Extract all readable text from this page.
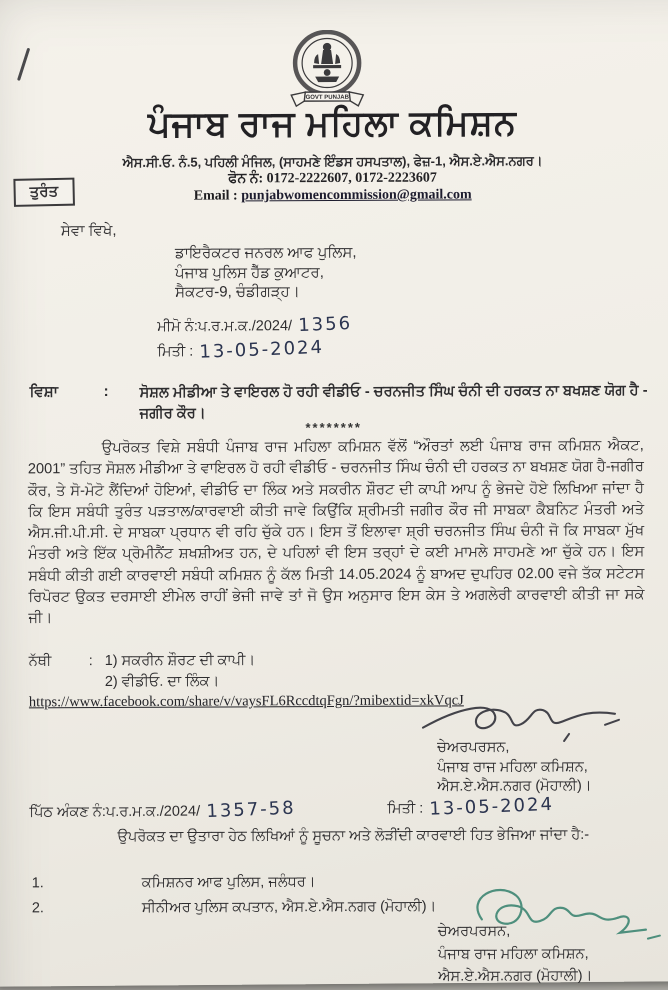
GOVT PUNJAB
ਪੰਜਾਬ ਰਾਜ ਮਹਿਲਾ ਕਮਿਸ਼ਨ
ਐਸ.ਸੀ.ਓ. ਨੰ.5, ਪਹਿਲੀ ਮੰਜਿਲ, (ਸਾਹਮਣੇ ਇੰਡਸ ਹਸਪਤਾਲ), ਫੇਜ਼-1, ਐਸ.ਏ.ਐਸ.ਨਗਰ।
ਫੋਨ ਨੰ: 0172-2222607, 0172-2223607
Email : punjabwomencommission@gmail.com
ਤੁਰੰਤ
ਸੇਵਾ ਵਿਖੇ,
ਡਾਇਰੈਕਟਰ ਜਨਰਲ ਆਫ ਪੁਲਿਸ,
ਪੰਜਾਬ ਪੁਲਿਸ ਹੈੱਡ ਕੁਆਟਰ,
ਸੈਕਟਰ-9, ਚੰਡੀਗੜ੍ਹ।
ਮੀਮੋ ਨੰ:ਪ.ਰ.ਮ.ਕ./2024/ 1356
ਮਿਤੀ : 13-05-2024
ਵਿਸ਼ਾ	: ਸੋਸ਼ਲ ਮੀਡੀਆ ਤੇ ਵਾਇਰਲ ਹੋ ਰਹੀ ਵੀਡੀਓ - ਚਰਨਜੀਤ ਸਿੰਘ ਚੰਨੀ ਦੀ ਹਰਕਤ ਨਾ ਬਖਸ਼ਣ ਯੋਗ ਹੈ - ਜਗੀਰ ਕੌਰ।
********
ਉਪਰੋਕਤ ਵਿਸ਼ੇ ਸਬੰਧੀ ਪੰਜਾਬ ਰਾਜ ਮਹਿਲਾ ਕਮਿਸ਼ਨ ਵੱਲੋਂ “ਔਰਤਾਂ ਲਈ ਪੰਜਾਬ ਰਾਜ ਕਮਿਸ਼ਨ ਐਕਟ, 2001” ਤਹਿਤ ਸੋਸ਼ਲ ਮੀਡੀਆ ਤੇ ਵਾਇਰਲ ਹੋ ਰਹੀ ਵੀਡੀਓ - ਚਰਨਜੀਤ ਸਿੰਘ ਚੰਨੀ ਦੀ ਹਰਕਤ ਨਾ ਬਖਸ਼ਣ ਯੋਗ ਹੈ-ਜਗੀਰ ਕੌਰ, ਤੇ ਸੋ-ਮੋਟੋ ਲੈਂਦਿਆਂ ਹੋਇਆਂ, ਵੀਡੀਓ ਦਾ ਲਿੰਕ ਅਤੇ ਸਕਰੀਨ ਸ਼ੌਰਟ ਦੀ ਕਾਪੀ ਆਪ ਨੂੰ ਭੇਜਦੇ ਹੋਏ ਲਿਖਿਆ ਜਾਂਦਾ ਹੈ ਕਿ ਇਸ ਸਬੰਧੀ ਤੁਰੰਤ ਪੜਤਾਲ/ਕਾਰਵਾਈ ਕੀਤੀ ਜਾਵੇ ਕਿਉਂਕਿ ਸ਼੍ਰੀਮਤੀ ਜਗੀਰ ਕੌਰ ਜੀ ਸਾਬਕਾ ਕੈਬਨਿਟ ਮੰਤਰੀ ਅਤੇ ਐਸ.ਜੀ.ਪੀ.ਸੀ. ਦੇ ਸਾਬਕਾ ਪ੍ਰਧਾਨ ਵੀ ਰਹਿ ਚੁੱਕੇ ਹਨ। ਇਸ ਤੋਂ ਇਲਾਵਾ ਸ਼੍ਰੀ ਚਰਨਜੀਤ ਸਿੰਘ ਚੰਨੀ ਜੋ ਕਿ ਸਾਬਕਾ ਮੁੱਖ ਮੰਤਰੀ ਅਤੇ ਇੱਕ ਪ੍ਰੋਮੀਨੈਂਟ ਸ਼ਖਸ਼ੀਅਤ ਹਨ, ਦੇ ਪਹਿਲਾਂ ਵੀ ਇਸ ਤਰ੍ਹਾਂ ਦੇ ਕਈ ਮਾਮਲੇ ਸਾਹਮਣੇ ਆ ਚੁੱਕੇ ਹਨ। ਇਸ ਸਬੰਧੀ ਕੀਤੀ ਗਈ ਕਾਰਵਾਈ ਸਬੰਧੀ ਕਮਿਸ਼ਨ ਨੂੰ ਕੱਲ ਮਿਤੀ 14.05.2024 ਨੂੰ ਬਾਅਦ ਦੁਪਹਿਰ 02.00 ਵਜੇ ਤੱਕ ਸਟੇਟਸ ਰਿਪੋਰਟ ਉਕਤ ਦਰਸਾਈ ਈਮੇਲ ਰਾਹੀਂ ਭੇਜੀ ਜਾਵੇ ਤਾਂ ਜੋ ਉਸ ਅਨੁਸਾਰ ਇਸ ਕੇਸ ਤੇ ਅਗਲੇਰੀ ਕਾਰਵਾਈ ਕੀਤੀ ਜਾ ਸਕੇ ਜੀ।
ਨੱਥੀ	: 1) ਸਕਰੀਨ ਸ਼ੌਰਟ ਦੀ ਕਾਪੀ।
2) ਵੀਡੀਓ. ਦਾ ਲਿੰਕ।
https://www.facebook.com/share/v/vaysFL6RccdtqFgn/?mibextid=xkVqcJ
ਚੇਅਰਪਰਸਨ,
ਪੰਜਾਬ ਰਾਜ ਮਹਿਲਾ ਕਮਿਸ਼ਨ,
ਐਸ.ਏ.ਐਸ.ਨਗਰ (ਮੋਹਾਲੀ)।
ਪਿੱਠ ਅੰਕਣ ਨੰ:ਪ.ਰ.ਮ.ਕ./2024/ 1357-58	ਮਿਤੀ : 13-05-2024
ਉਪਰੋਕਤ ਦਾ ਉਤਾਰਾ ਹੇਠ ਲਿਖਿਆਂ ਨੂੰ ਸੂਚਨਾ ਅਤੇ ਲੋੜੀਂਦੀ ਕਾਰਵਾਈ ਹਿਤ ਭੇਜਿਆ ਜਾਂਦਾ ਹੈ:-
1.	ਕਮਿਸ਼ਨਰ ਆਫ ਪੁਲਿਸ, ਜਲੰਧਰ।
2.	ਸੀਨੀਅਰ ਪੁਲਿਸ ਕਪਤਾਨ, ਐਸ.ਏ.ਐਸ.ਨਗਰ (ਮੋਹਾਲੀ)।
ਚੇਅਰਪਰਸਨ,
ਪੰਜਾਬ ਰਾਜ ਮਹਿਲਾ ਕਮਿਸ਼ਨ,
ਐਸ.ਏ.ਐਸ.ਨਗਰ (ਮੋਹਾਲੀ)।
